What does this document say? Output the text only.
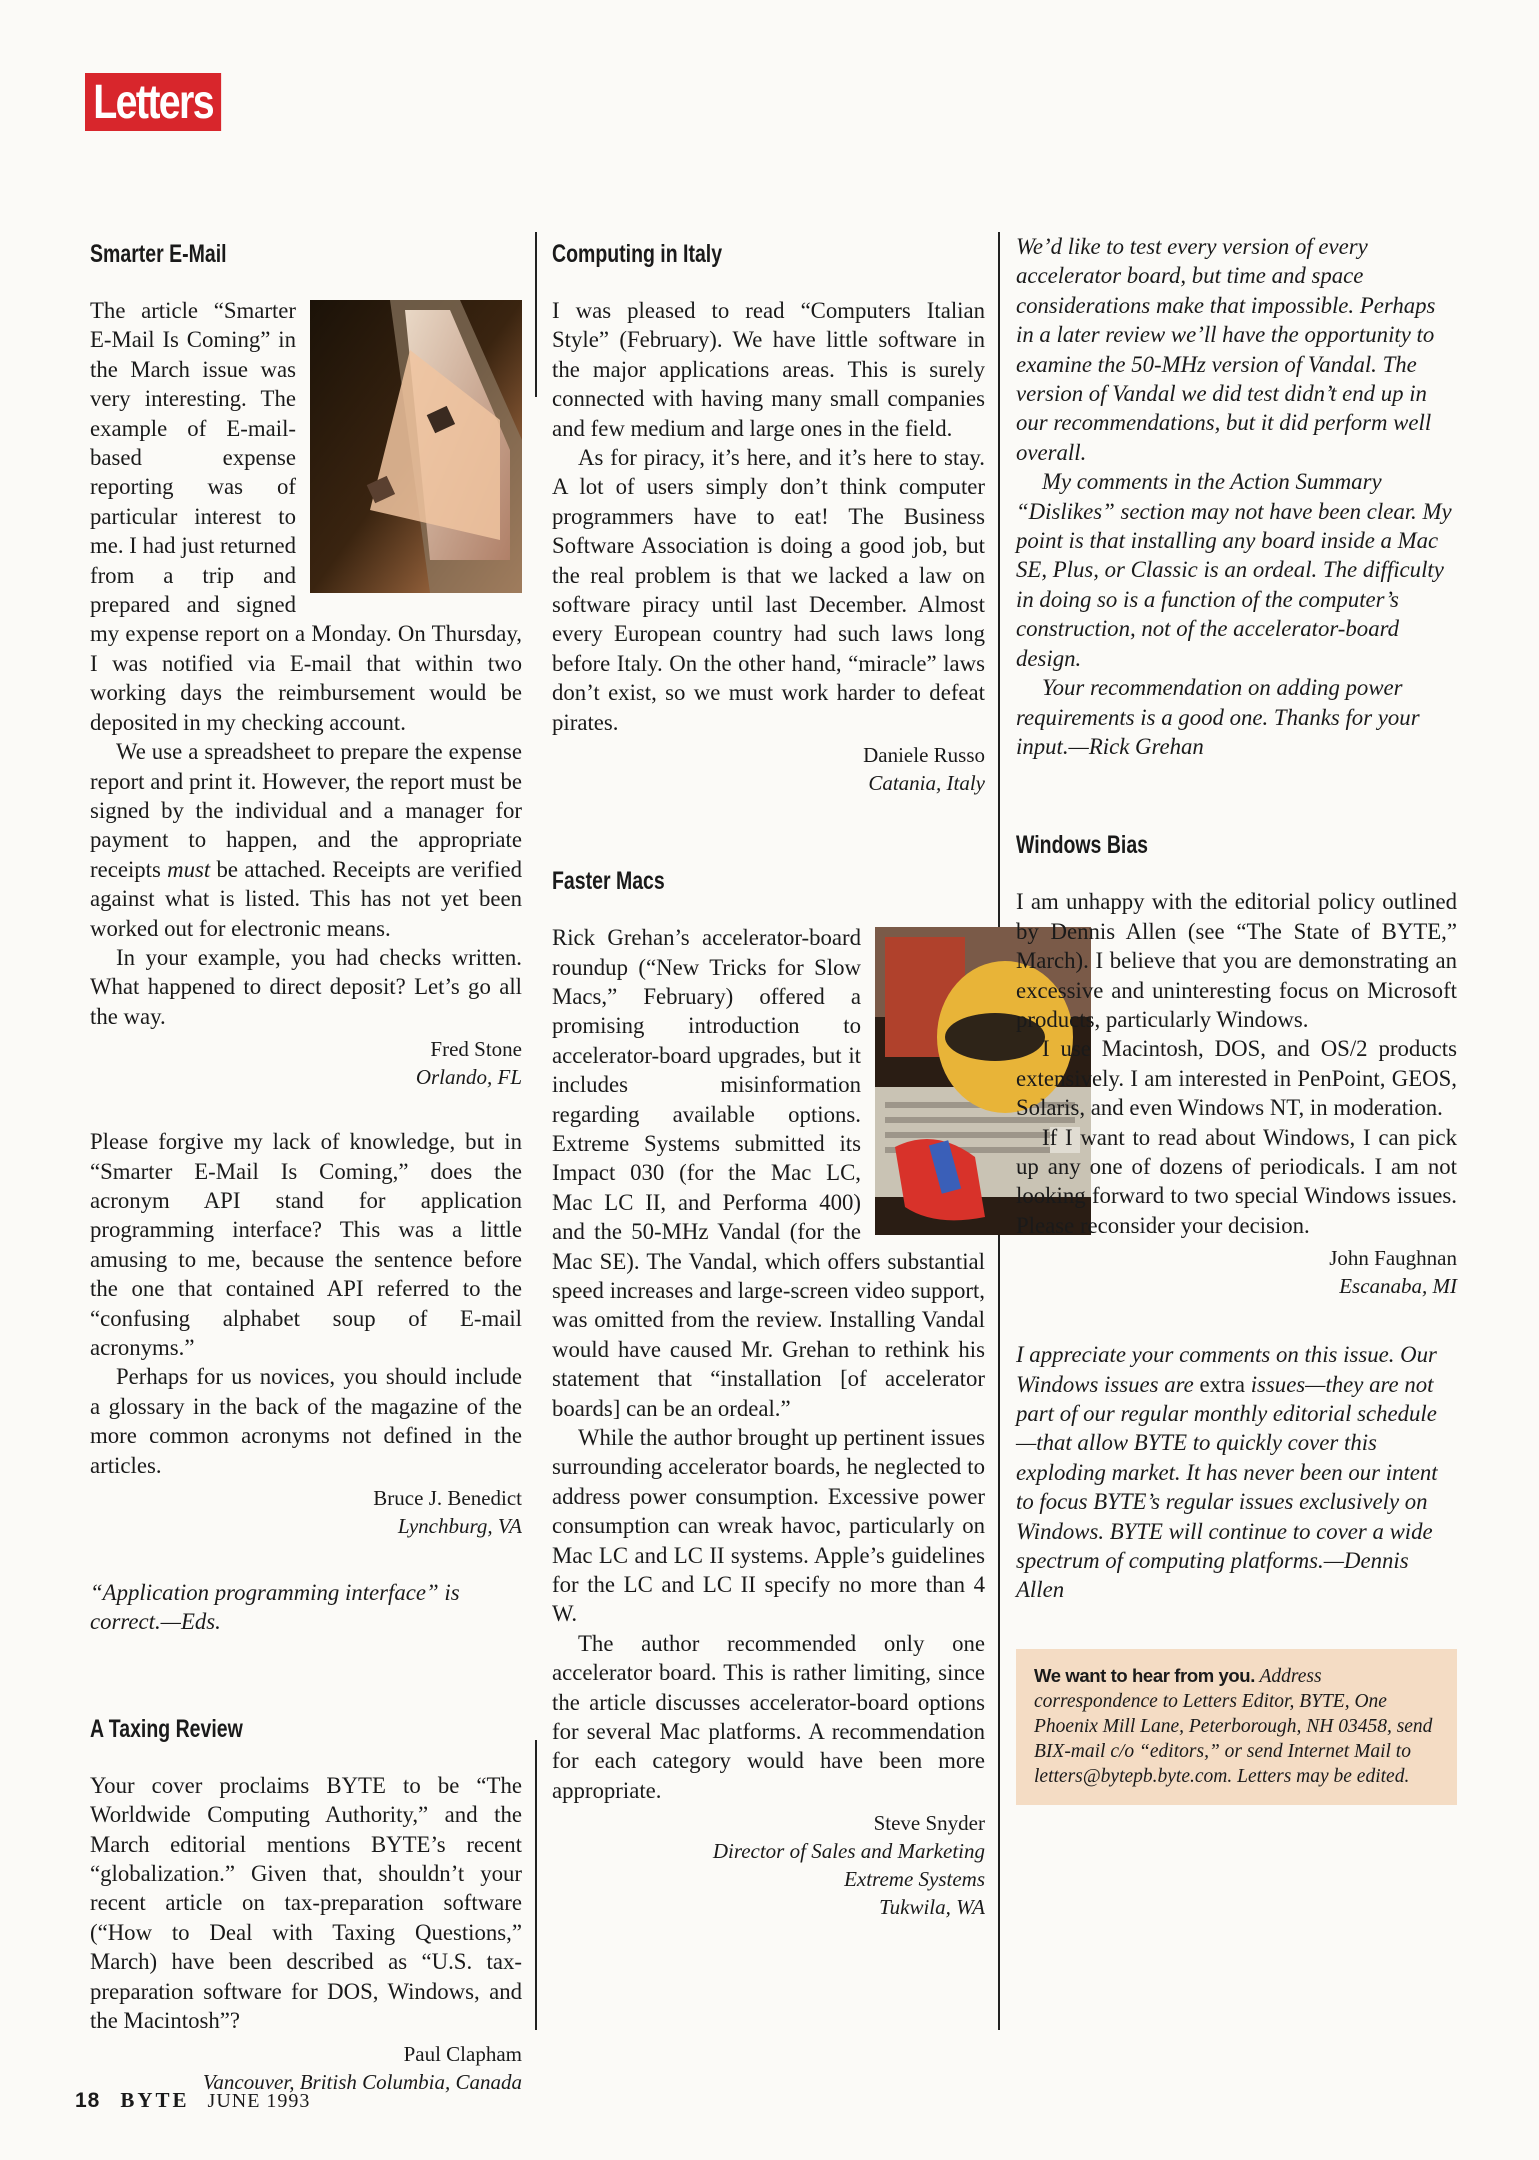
Letters
Smarter E-Mail

The article “Smarter E-Mail Is Coming” in the March issue was very interesting. The example of E-mail-based expense reporting was of particular interest to me. I had just returned from a trip and prepared and signed my expense report on a Monday. On Thursday, I was notified via E-mail that within two working days the reimbursement would be deposited in my checking account.

We use a spreadsheet to prepare the expense report and print it. However, the report must be signed by the individual and a manager for payment to happen, and the appropriate receipts must be attached. Receipts are verified against what is listed. This has not yet been worked out for electronic means.

In your example, you had checks written. What happened to direct deposit? Let’s go all the way.

Fred Stone
Orlando, FL

Please forgive my lack of knowledge, but in “Smarter E-Mail Is Coming,” does the acronym API stand for application programming interface? This was a little amusing to me, because the sentence before the one that contained API referred to the “confusing alphabet soup of E-mail acronyms.”

Perhaps for us novices, you should include a glossary in the back of the magazine of the more common acronyms not defined in the articles.

Bruce J. Benedict
Lynchburg, VA

“Application programming interface” is correct.—Eds.

A Taxing Review

Your cover proclaims BYTE to be “The Worldwide Computing Authority,” and the March editorial mentions BYTE’s recent “globalization.” Given that, shouldn’t your recent article on tax-preparation software (“How to Deal with Taxing Questions,” March) have been described as “U.S. tax-preparation software for DOS, Windows, and the Macintosh”?

Paul Clapham
Vancouver, British Columbia, Canada
Computing in Italy

I was pleased to read “Computers Italian Style” (February). We have little software in the major applications areas. This is surely connected with having many small companies and few medium and large ones in the field.

As for piracy, it’s here, and it’s here to stay. A lot of users simply don’t think computer programmers have to eat! The Business Software Association is doing a good job, but the real problem is that we lacked a law on software piracy until last December. Almost every European country had such laws long before Italy. On the other hand, “miracle” laws don’t exist, so we must work harder to defeat pirates.

Daniele Russo
Catania, Italy
Faster Macs

Rick Grehan’s accelerator-board roundup (“New Tricks for Slow Macs,” February) offered a promising introduction to accelerator-board upgrades, but it includes misinformation regarding available options. Extreme Systems submitted its Impact 030 (for the Mac LC, Mac LC II, and Performa 400) and the 50-MHz Vandal (for the Mac SE). The Vandal, which offers substantial speed increases and large-screen video support, was omitted from the review. Installing Vandal would have caused Mr. Grehan to rethink his statement that “installation [of accelerator boards] can be an ordeal.”

While the author brought up pertinent issues surrounding accelerator boards, he neglected to address power consumption. Excessive power consumption can wreak havoc, particularly on Mac LC and LC II systems. Apple’s guidelines for the LC and LC II specify no more than 4 W.

The author recommended only one accelerator board. This is rather limiting, since the article discusses accelerator-board options for several Mac platforms. A recommendation for each category would have been more appropriate.

Steve Snyder
Director of Sales and Marketing
Extreme Systems
Tukwila, WA

We’d like to test every version of every accelerator board, but time and space considerations make that impossible. Perhaps in a later review we’ll have the opportunity to examine the 50-MHz version of Vandal. The version of Vandal we did test didn’t end up in our recommendations, but it did perform well overall.

My comments in the Action Summary “Dislikes” section may not have been clear. My point is that installing any board inside a Mac SE, Plus, or Classic is an ordeal. The difficulty in doing so is a function of the computer’s construction, not of the accelerator-board design.

Your recommendation on adding power requirements is a good one. Thanks for your input.—Rick Grehan

Windows Bias

I am unhappy with the editorial policy outlined by Dennis Allen (see “The State of BYTE,” March). I believe that you are demonstrating an excessive and uninteresting focus on Microsoft products, particularly Windows.

I use Macintosh, DOS, and OS/2 products extensively. I am interested in PenPoint, GEOS, Solaris, and even Windows NT, in moderation.

If I want to read about Windows, I can pick up any one of dozens of periodicals. I am not looking forward to two special Windows issues. Please reconsider your decision.

John Faughnan
Escanaba, MI

I appreciate your comments on this issue. Our Windows issues are extra issues—they are not part of our regular monthly editorial schedule—that allow BYTE to quickly cover this exploding market. It has never been our intent to focus BYTE’s regular issues exclusively on Windows. BYTE will continue to cover a wide spectrum of computing platforms.—Dennis Allen

We want to hear from you. Address correspondence to Letters Editor, BYTE, One Phoenix Mill Lane, Peterborough, NH 03458, send BIX-mail c/o “editors,” or send Internet Mail to letters@bytepb.byte.com. Letters may be edited.
18 BYTE JUNE 1993
